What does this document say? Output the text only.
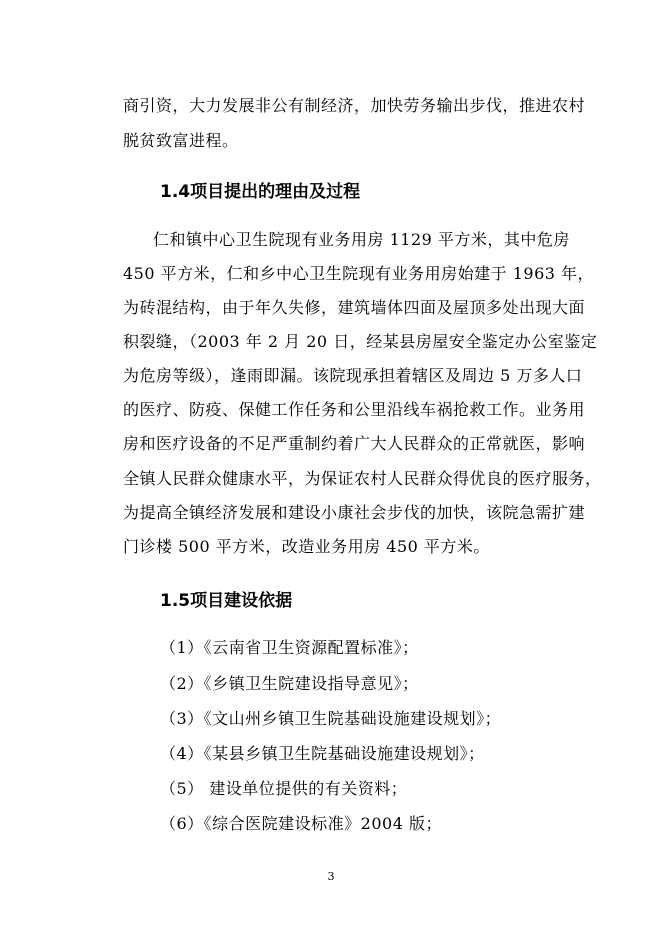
商引资，大力发展非公有制经济，加快劳务输出步伐，推进农村
脱贫致富进程。
1.4项目提出的理由及过程
仁和镇中心卫生院现有业务用房 1129 平方米，其中危房
450 平方米，仁和乡中心卫生院现有业务用房始建于 1963 年，
为砖混结构，由于年久失修，建筑墙体四面及屋顶多处出现大面
积裂缝，（2003 年 2 月 20 日，经某县房屋安全鉴定办公室鉴定
为危房等级），逢雨即漏。该院现承担着辖区及周边 5 万多人口
的医疗、防疫、保健工作任务和公里沿线车祸抢救工作。业务用
房和医疗设备的不足严重制约着广大人民群众的正常就医，影响
全镇人民群众健康水平，为保证农村人民群众得优良的医疗服务，
为提高全镇经济发展和建设小康社会步伐的加快，该院急需扩建
门诊楼 500 平方米，改造业务用房 450 平方米。
1.5项目建设依据
（1）《云南省卫生资源配置标准》；
（2）《乡镇卫生院建设指导意见》；
（3）《文山州乡镇卫生院基础设施建设规划》；
（4）《某县乡镇卫生院基础设施建设规划》；
（5） 建设单位提供的有关资料；
（6）《综合医院建设标准》2004 版；
3
